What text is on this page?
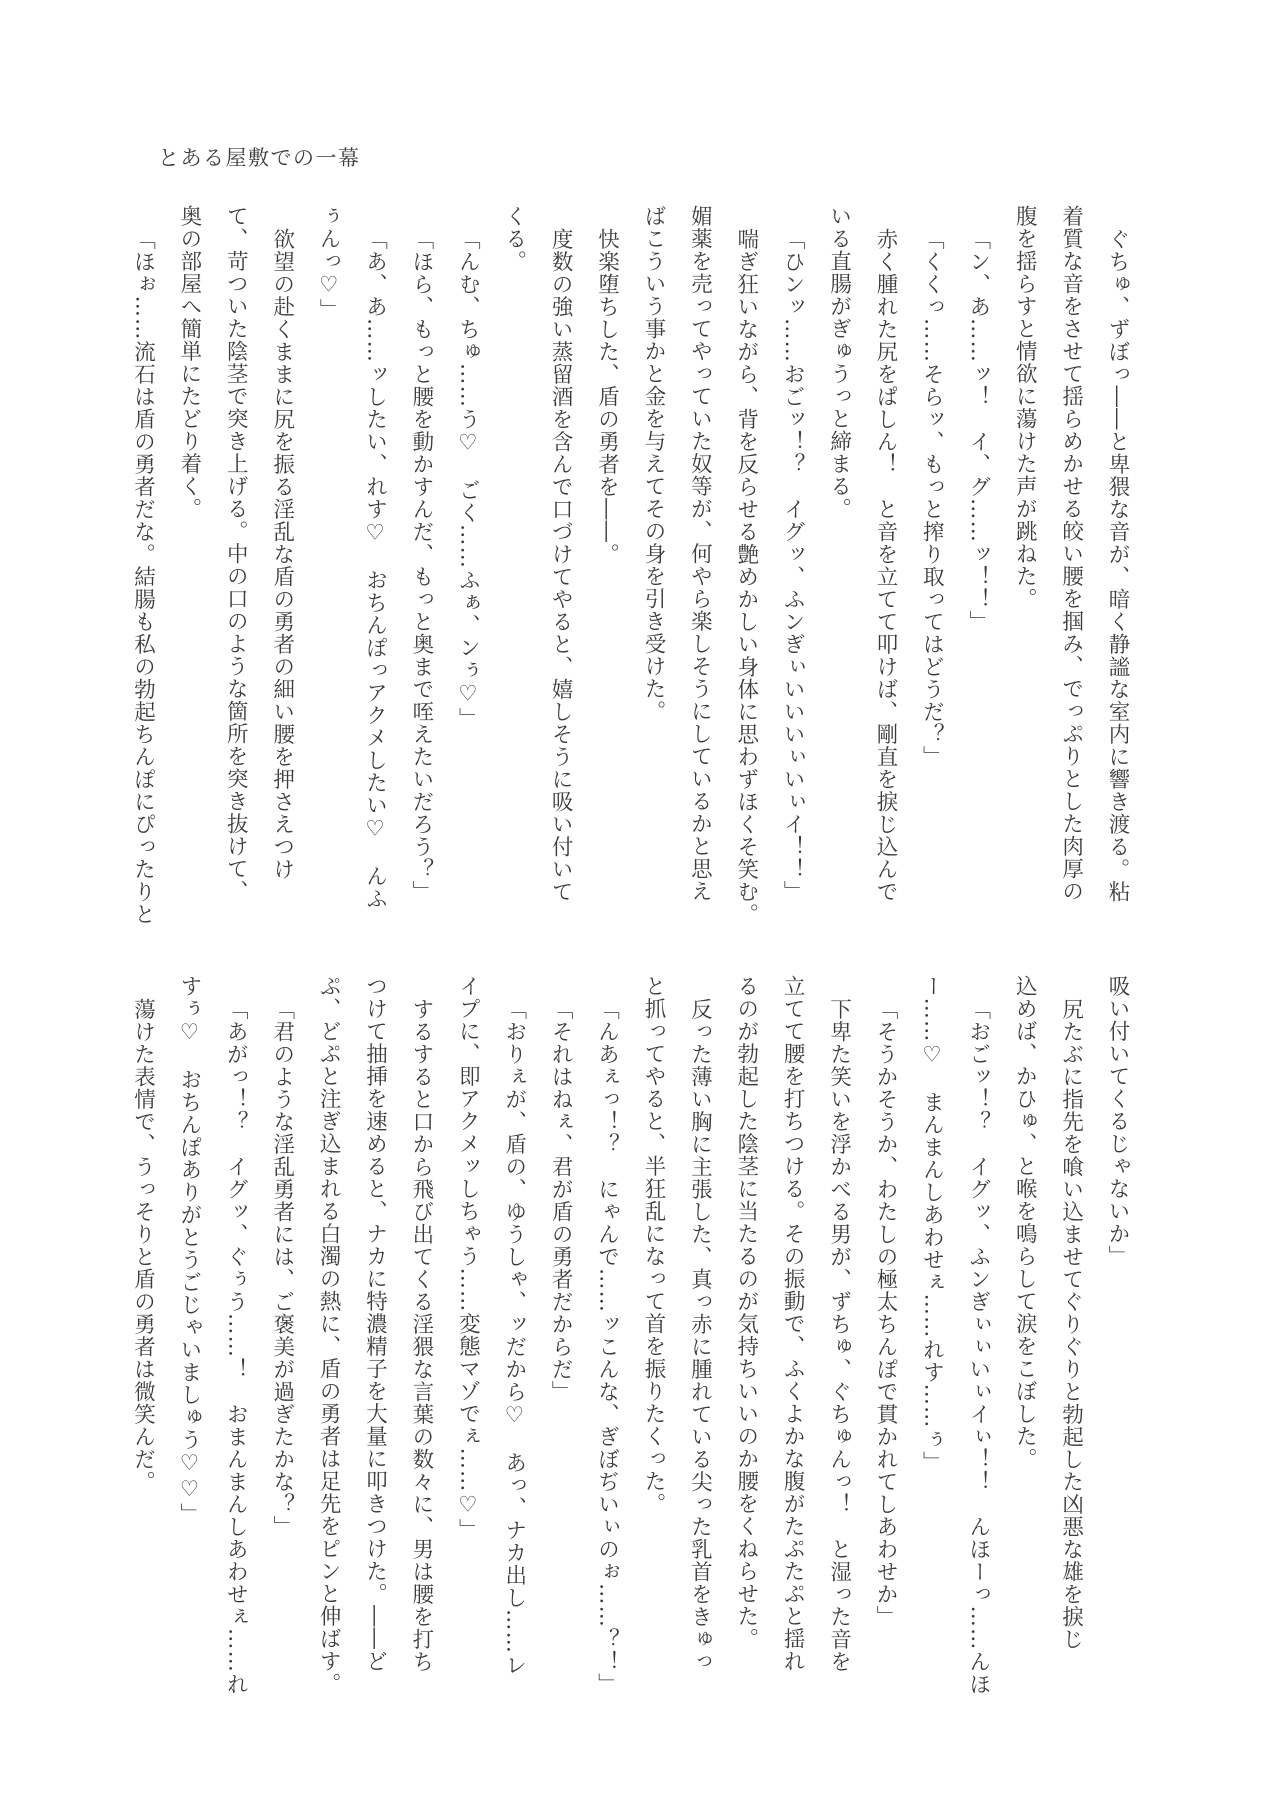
とある屋敷での一幕
ぐちゅ、ずぼっ――と卑猥な音が、暗く静謐な室内に響き渡る。粘
着質な音をさせて揺らめかせる皎い腰を掴み、でっぷりとした肉厚の
腹を揺らすと情欲に蕩けた声が跳ねた。
「ン、あ……ッ！　イ、グ……ッ！！」
「くくっ……そらッ、もっと搾り取ってはどうだ？」
赤く腫れた尻をぱしん！　と音を立てて叩けば、剛直を捩じ込んで
いる直腸がぎゅうっと締まる。
「ひンッ……おごッ！？　イグッ、ふンぎぃいいいぃいぃイ！！」
喘ぎ狂いながら、背を反らせる艶めかしい身体に思わずほくそ笑む。
媚薬を売ってやっていた奴等が、何やら楽しそうにしているかと思え
ばこういう事かと金を与えてその身を引き受けた。
快楽堕ちした、盾の勇者を――。
度数の強い蒸留酒を含んで口づけてやると、嬉しそうに吸い付いて
くる。
「んむ、ちゅ……う♡　ごく……ふぁ、ンぅ♡」
「ほら、もっと腰を動かすんだ、もっと奥まで咥えたいだろう？」
「あ、あ……ッしたい、れす♡　おちんぽっアクメしたい♡　んふ
ぅんっ♡」
欲望の赴くままに尻を振る淫乱な盾の勇者の細い腰を押さえつけ
て、苛ついた陰茎で突き上げる。中の口のような箇所を突き抜けて、
奥の部屋へ簡単にたどり着く。
「ほぉ……流石は盾の勇者だな。結腸も私の勃起ちんぽにぴったりと
吸い付いてくるじゃないか」
尻たぶに指先を喰い込ませてぐりぐりと勃起した凶悪な雄を捩じ
込めば、かひゅ、と喉を鳴らして涙をこぼした。
「おごッ！？　イグッ、ふンぎぃぃいぃイぃ！！　んほーっ……んほ
ー……♡　まんまんしあわせぇ……れす……ぅ」
「そうかそうか、わたしの極太ちんぽで貫かれてしあわせか」
下卑た笑いを浮かべる男が、ずちゅ、ぐちゅんっ！　と湿った音を
立てて腰を打ちつける。その振動で、ふくよかな腹がたぷたぷと揺れ
るのが勃起した陰茎に当たるのが気持ちいいのか腰をくねらせた。
反った薄い胸に主張した、真っ赤に腫れている尖った乳首をきゅっ
と抓ってやると、半狂乱になって首を振りたくった。
「んあぇっ！？　にゃんで……ッこんな、ぎぼぢいぃのぉ……？！」
「それはねぇ、君が盾の勇者だからだ」
「おりぇが、盾の、ゆうしゃ、ッだから♡　あっ、ナカ出し……レ
イプに、即アクメッしちゃう……変態マゾでぇ……♡」
するすると口から飛び出てくる淫猥な言葉の数々に、男は腰を打ち
つけて抽挿を速めると、ナカに特濃精子を大量に叩きつけた。――ど
ぷ、どぷと注ぎ込まれる白濁の熱に、盾の勇者は足先をピンと伸ばす。
「君のような淫乱勇者には、ご褒美が過ぎたかな？」
「あがっ！？　イグッ、ぐぅう……！　おまんまんしあわせぇ……れ
すぅ♡　おちんぽありがとうごじゃいましゅう♡♡」
蕩けた表情で、うっそりと盾の勇者は微笑んだ。
